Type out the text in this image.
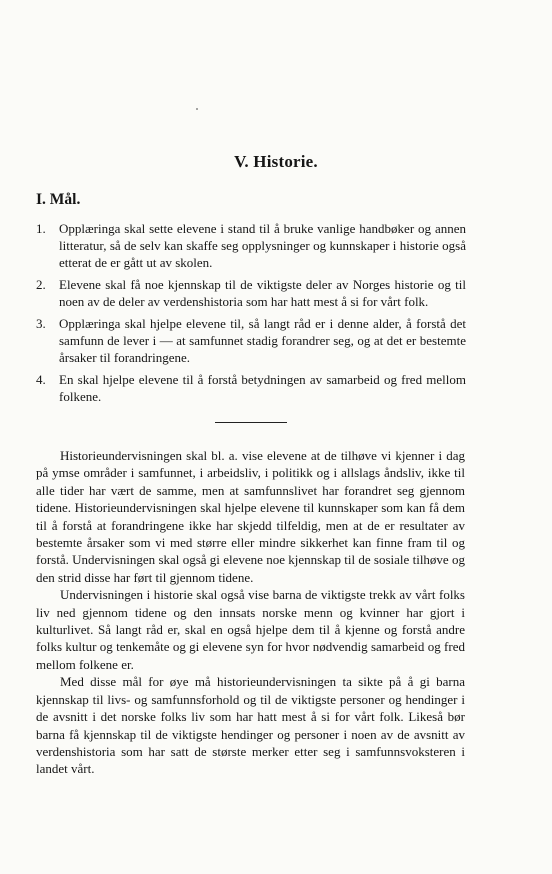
V. Historie.
I. Mål.
1. Opplæringa skal sette elevene i stand til å bruke vanlige handbøker og annen litteratur, så de selv kan skaffe seg opplysninger og kunnskaper i historie også etterat de er gått ut av skolen.
2. Elevene skal få noe kjennskap til de viktigste deler av Norges historie og til noen av de deler av verdenshistoria som har hatt mest å si for vårt folk.
3. Opplæringa skal hjelpe elevene til, så langt råd er i denne alder, å forstå det samfunn de lever i — at samfunnet stadig forandrer seg, og at det er bestemte årsaker til forandringene.
4. En skal hjelpe elevene til å forstå betydningen av samarbeid og fred mellom folkene.

Historieundervisningen skal bl. a. vise elevene at de tilhøve vi kjenner i dag på ymse områder i samfunnet, i arbeidsliv, i politikk og i allslags åndsliv, ikke til alle tider har vært de samme, men at samfunnslivet har forandret seg gjennom tidene. Historieundervisningen skal hjelpe elevene til kunnskaper som kan få dem til å forstå at forandringene ikke har skjedd tilfeldig, men at de er resultater av bestemte årsaker som vi med større eller mindre sikkerhet kan finne fram til og forstå. Undervisningen skal også gi elevene noe kjennskap til de sosiale tilhøve og den strid disse har ført til gjennom tidene.

Undervisningen i historie skal også vise barna de viktigste trekk av vårt folks liv ned gjennom tidene og den innsats norske menn og kvinner har gjort i kulturlivet. Så langt råd er, skal en også hjelpe dem til å kjenne og forstå andre folks kultur og tenkemåte og gi elevene syn for hvor nødvendig samarbeid og fred mellom folkene er.

Med disse mål for øye må historieundervisningen ta sikte på å gi barna kjennskap til livs- og samfunnsforhold og til de viktigste personer og hendinger i de avsnitt i det norske folks liv som har hatt mest å si for vårt folk. Likeså bør barna få kjennskap til de viktigste hendinger og personer i noen av de avsnitt av verdenshistoria som har satt de største merker etter seg i samfunnsvoksteren i landet vårt.
